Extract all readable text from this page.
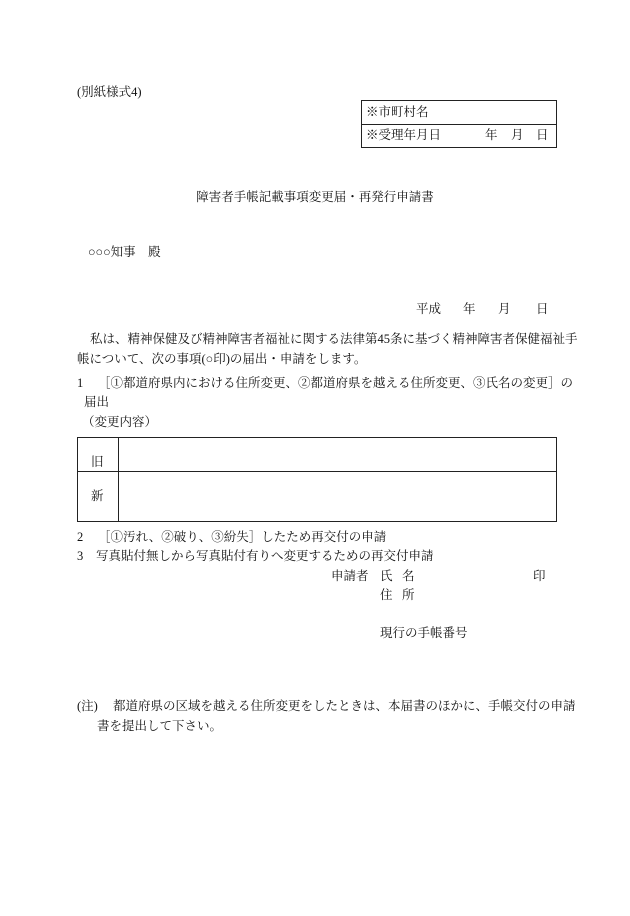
(別紙様式4)
※市町村名
※受理年月日	年 月 日
障害者手帳記載事項変更届・再発行申請書
○○○知事　殿
平成 年 月 日
私は、精神保健及び精神障害者福祉に関する法律第45条に基づく精神障害者保健福祉手
帳について、次の事項(○印)の届出・申請をします。
1 ［①都道府県内における住所変更、②都道府県を越える住所変更、③氏名の変更］の
届出
（変更内容）
旧
新
2 ［①汚れ、②破り、③紛失］したため再交付の申請
3 写真貼付無しから写真貼付有りへ変更するための再交付申請
申請者 氏 名	印
住 所
現行の手帳番号
(注) 都道府県の区域を越える住所変更をしたときは、本届書のほかに、手帳交付の申請
書を提出して下さい。
